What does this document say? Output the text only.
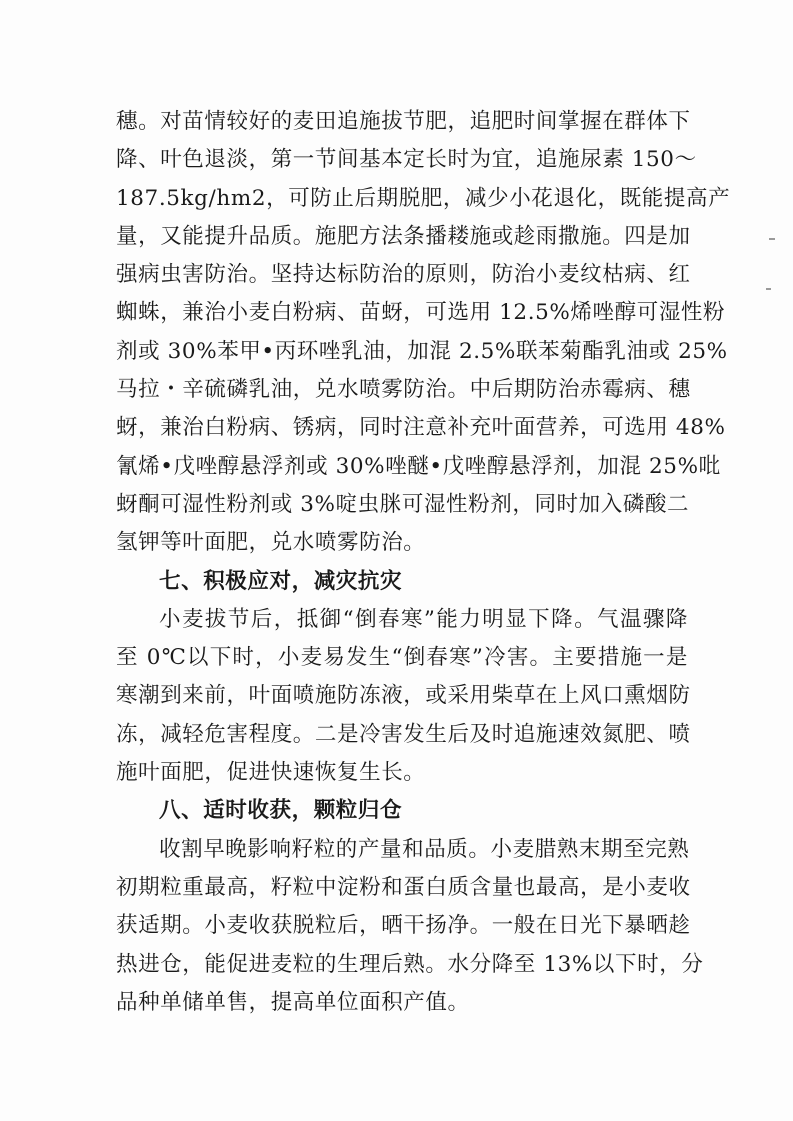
穗。对苗情较好的麦田追施拔节肥，追肥时间掌握在群体下
降、叶色退淡，第一节间基本定长时为宜，追施尿素 150～
187.5kg/hm2，可防止后期脱肥，减少小花退化，既能提高产
量，又能提升品质。施肥方法条播耧施或趁雨撒施。四是加
强病虫害防治。坚持达标防治的原则，防治小麦纹枯病、红
蜘蛛，兼治小麦白粉病、苗蚜，可选用 12.5%烯唑醇可湿性粉
剂或 30%苯甲•丙环唑乳油，加混 2.5%联苯菊酯乳油或 25%
马拉・辛硫磷乳油，兑水喷雾防治。中后期防治赤霉病、穗
蚜，兼治白粉病、锈病，同时注意补充叶面营养，可选用 48%
氰烯•戊唑醇悬浮剂或 30%唑醚•戊唑醇悬浮剂，加混 25%吡
蚜酮可湿性粉剂或 3%啶虫脒可湿性粉剂，同时加入磷酸二
氢钾等叶面肥，兑水喷雾防治。
七、积极应对，减灾抗灾
小麦拔节后，抵御“倒春寒”能力明显下降。气温骤降
至 0℃以下时，小麦易发生“倒春寒”冷害。主要措施一是
寒潮到来前，叶面喷施防冻液，或采用柴草在上风口熏烟防
冻，减轻危害程度。二是冷害发生后及时追施速效氮肥、喷
施叶面肥，促进快速恢复生长。
八、适时收获，颗粒归仓
收割早晚影响籽粒的产量和品质。小麦腊熟末期至完熟
初期粒重最高，籽粒中淀粉和蛋白质含量也最高，是小麦收
获适期。小麦收获脱粒后，晒干扬净。一般在日光下暴晒趁
热进仓，能促进麦粒的生理后熟。水分降至 13%以下时，分
品种单储单售，提高单位面积产值。
